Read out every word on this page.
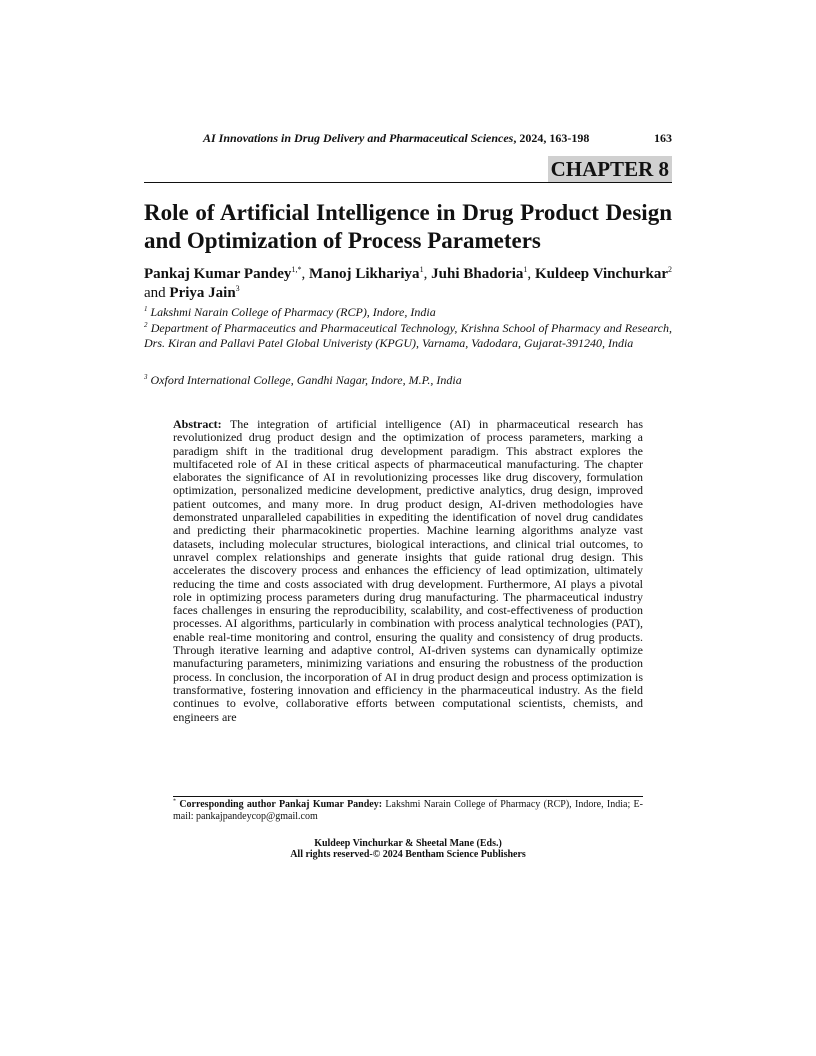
AI Innovations in Drug Delivery and Pharmaceutical Sciences, 2024, 163-198	163
CHAPTER 8
Role of Artificial Intelligence in Drug Product Design and Optimization of Process Parameters
Pankaj Kumar Pandey$^{1,*}$, Manoj Likhariya$^1$, Juhi Bhadoria$^1$, Kuldeep Vinchurkar$^2$ and Priya Jain$^3$
$^1$ Lakshmi Narain College of Pharmacy (RCP), Indore, India
$^2$ Department of Pharmaceutics and Pharmaceutical Technology, Krishna School of Pharmacy and Research, Drs. Kiran and Pallavi Patel Global Univeristy (KPGU), Varnama, Vadodara, Gujarat-391240, India
$^3$ Oxford International College, Gandhi Nagar, Indore, M.P., India
Abstract: The integration of artificial intelligence (AI) in pharmaceutical research has revolutionized drug product design and the optimization of process parameters, marking a paradigm shift in the traditional drug development paradigm. This abstract explores the multifaceted role of AI in these critical aspects of pharmaceutical manufacturing. The chapter elaborates the significance of AI in revolutionizing processes like drug discovery, formulation optimization, personalized medicine development, predictive analytics, drug design, improved patient outcomes, and many more. In drug product design, AI-driven methodologies have demonstrated unparalleled capabilities in expediting the identification of novel drug candidates and predicting their pharmacokinetic properties. Machine learning algorithms analyze vast datasets, including molecular structures, biological interactions, and clinical trial outcomes, to unravel complex relationships and generate insights that guide rational drug design. This accelerates the discovery process and enhances the efficiency of lead optimization, ultimately reducing the time and costs associated with drug development. Furthermore, AI plays a pivotal role in optimizing process parameters during drug manufacturing. The pharmaceutical industry faces challenges in ensuring the reproducibility, scalability, and cost-effectiveness of production processes. AI algorithms, particularly in combination with process analytical technologies (PAT), enable real-time monitoring and control, ensuring the quality and consistency of drug products. Through iterative learning and adaptive control, AI-driven systems can dynamically optimize manufacturing parameters, minimizing variations and ensuring the robustness of the production process. In conclusion, the incorporation of AI in drug product design and process optimization is transformative, fostering innovation and efficiency in the pharmaceutical industry. As the field continues to evolve, collaborative efforts between computational scientists, chemists, and engineers are
* Corresponding author Pankaj Kumar Pandey: Lakshmi Narain College of Pharmacy (RCP), Indore, India; E-mail: pankajpandeycop@gmail.com
Kuldeep Vinchurkar & Sheetal Mane (Eds.)
All rights reserved-© 2024 Bentham Science Publishers
